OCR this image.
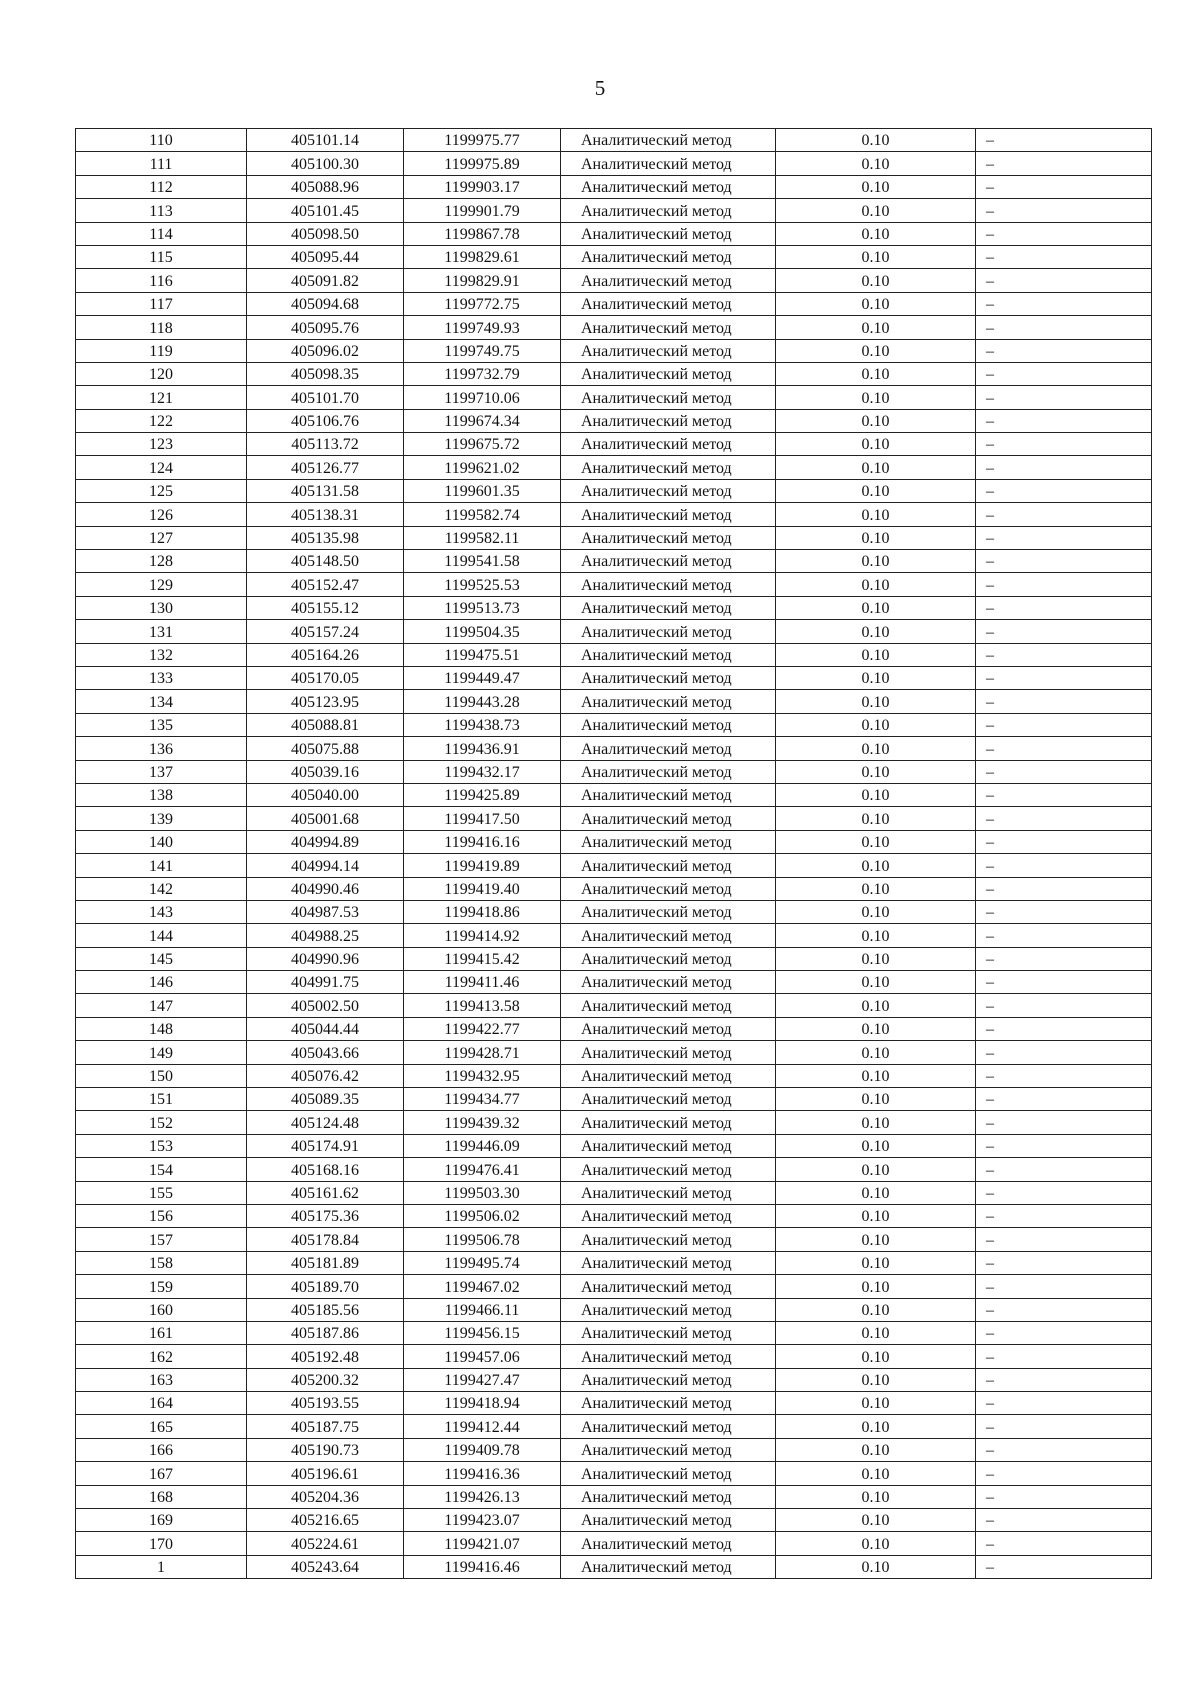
5
110	405101.14	1199975.77	Аналитический метод	0.10	–
111	405100.30	1199975.89	Аналитический метод	0.10	–
112	405088.96	1199903.17	Аналитический метод	0.10	–
113	405101.45	1199901.79	Аналитический метод	0.10	–
114	405098.50	1199867.78	Аналитический метод	0.10	–
115	405095.44	1199829.61	Аналитический метод	0.10	–
116	405091.82	1199829.91	Аналитический метод	0.10	–
117	405094.68	1199772.75	Аналитический метод	0.10	–
118	405095.76	1199749.93	Аналитический метод	0.10	–
119	405096.02	1199749.75	Аналитический метод	0.10	–
120	405098.35	1199732.79	Аналитический метод	0.10	–
121	405101.70	1199710.06	Аналитический метод	0.10	–
122	405106.76	1199674.34	Аналитический метод	0.10	–
123	405113.72	1199675.72	Аналитический метод	0.10	–
124	405126.77	1199621.02	Аналитический метод	0.10	–
125	405131.58	1199601.35	Аналитический метод	0.10	–
126	405138.31	1199582.74	Аналитический метод	0.10	–
127	405135.98	1199582.11	Аналитический метод	0.10	–
128	405148.50	1199541.58	Аналитический метод	0.10	–
129	405152.47	1199525.53	Аналитический метод	0.10	–
130	405155.12	1199513.73	Аналитический метод	0.10	–
131	405157.24	1199504.35	Аналитический метод	0.10	–
132	405164.26	1199475.51	Аналитический метод	0.10	–
133	405170.05	1199449.47	Аналитический метод	0.10	–
134	405123.95	1199443.28	Аналитический метод	0.10	–
135	405088.81	1199438.73	Аналитический метод	0.10	–
136	405075.88	1199436.91	Аналитический метод	0.10	–
137	405039.16	1199432.17	Аналитический метод	0.10	–
138	405040.00	1199425.89	Аналитический метод	0.10	–
139	405001.68	1199417.50	Аналитический метод	0.10	–
140	404994.89	1199416.16	Аналитический метод	0.10	–
141	404994.14	1199419.89	Аналитический метод	0.10	–
142	404990.46	1199419.40	Аналитический метод	0.10	–
143	404987.53	1199418.86	Аналитический метод	0.10	–
144	404988.25	1199414.92	Аналитический метод	0.10	–
145	404990.96	1199415.42	Аналитический метод	0.10	–
146	404991.75	1199411.46	Аналитический метод	0.10	–
147	405002.50	1199413.58	Аналитический метод	0.10	–
148	405044.44	1199422.77	Аналитический метод	0.10	–
149	405043.66	1199428.71	Аналитический метод	0.10	–
150	405076.42	1199432.95	Аналитический метод	0.10	–
151	405089.35	1199434.77	Аналитический метод	0.10	–
152	405124.48	1199439.32	Аналитический метод	0.10	–
153	405174.91	1199446.09	Аналитический метод	0.10	–
154	405168.16	1199476.41	Аналитический метод	0.10	–
155	405161.62	1199503.30	Аналитический метод	0.10	–
156	405175.36	1199506.02	Аналитический метод	0.10	–
157	405178.84	1199506.78	Аналитический метод	0.10	–
158	405181.89	1199495.74	Аналитический метод	0.10	–
159	405189.70	1199467.02	Аналитический метод	0.10	–
160	405185.56	1199466.11	Аналитический метод	0.10	–
161	405187.86	1199456.15	Аналитический метод	0.10	–
162	405192.48	1199457.06	Аналитический метод	0.10	–
163	405200.32	1199427.47	Аналитический метод	0.10	–
164	405193.55	1199418.94	Аналитический метод	0.10	–
165	405187.75	1199412.44	Аналитический метод	0.10	–
166	405190.73	1199409.78	Аналитический метод	0.10	–
167	405196.61	1199416.36	Аналитический метод	0.10	–
168	405204.36	1199426.13	Аналитический метод	0.10	–
169	405216.65	1199423.07	Аналитический метод	0.10	–
170	405224.61	1199421.07	Аналитический метод	0.10	–
1	405243.64	1199416.46	Аналитический метод	0.10	–
